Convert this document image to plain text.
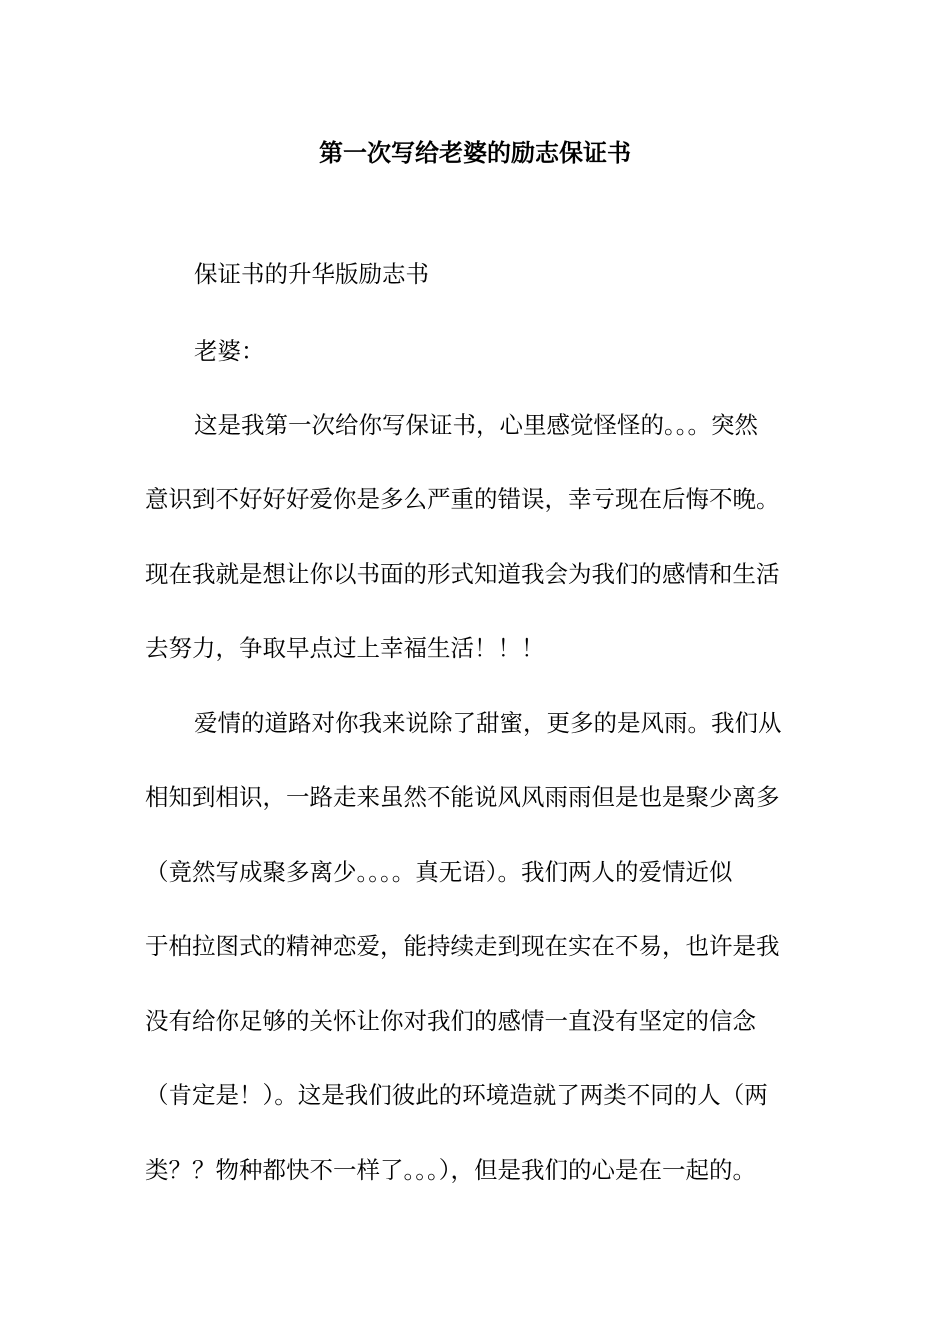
第一次写给老婆的励志保证书
保证书的升华版励志书
老婆：
这是我第一次给你写保证书，心里感觉怪怪的。。。突然
意识到不好好好爱你是多么严重的错误，幸亏现在后悔不晚。
现在我就是想让你以书面的形式知道我会为我们的感情和生活
去努力，争取早点过上幸福生活！！！
爱情的道路对你我来说除了甜蜜，更多的是风雨。我们从
相知到相识，一路走来虽然不能说风风雨雨但是也是聚少离多
（竟然写成聚多离少。。。。真无语）。我们两人的爱情近似
于柏拉图式的精神恋爱，能持续走到现在实在不易，也许是我
没有给你足够的关怀让你对我们的感情一直没有坚定的信念
（肯定是！）。这是我们彼此的环境造就了两类不同的人（两
类？？物种都快不一样了。。。），但是我们的心是在一起的。
